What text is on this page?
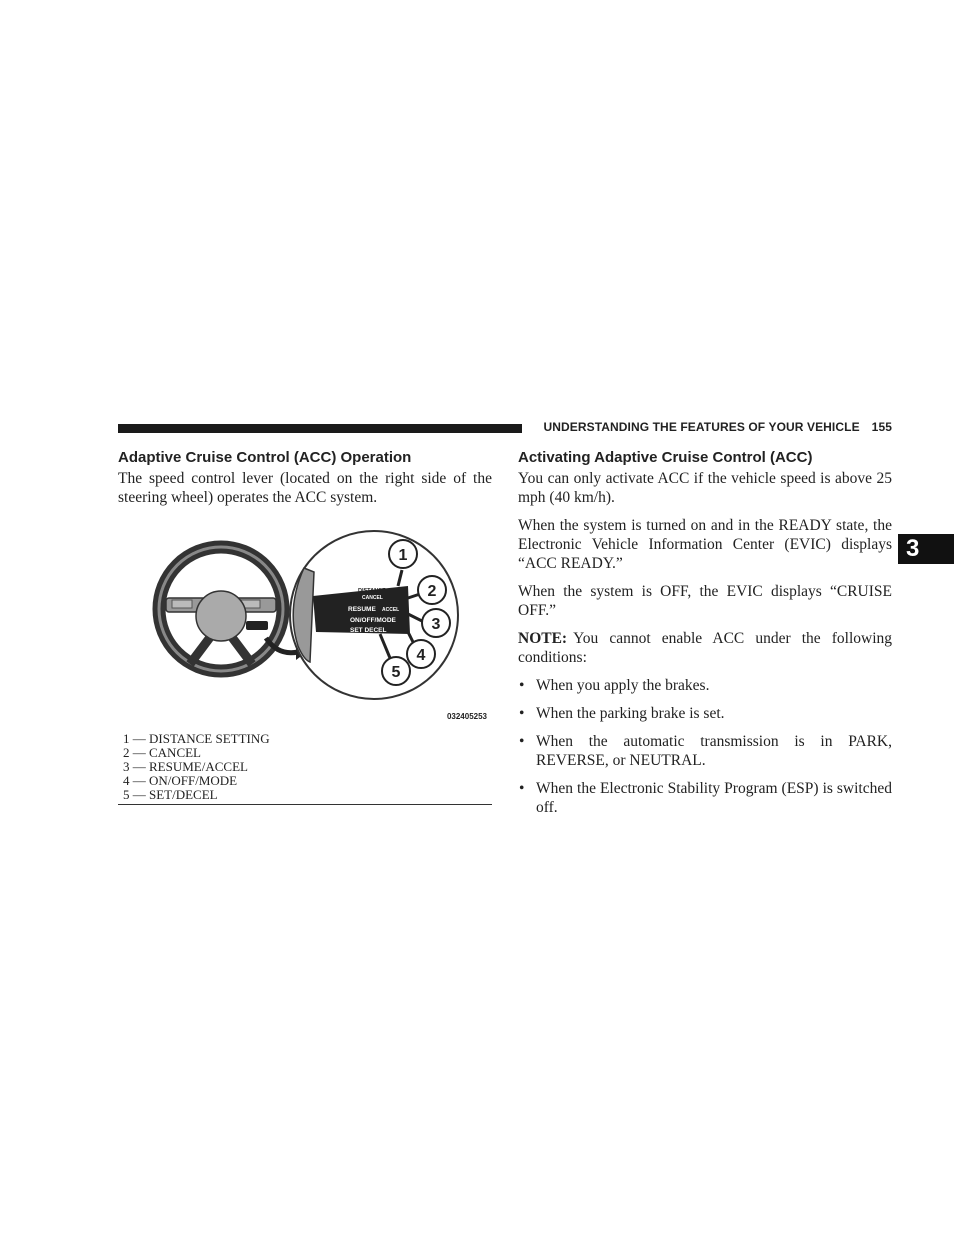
UNDERSTANDING THE FEATURES OF YOUR VEHICLE 155
3
Adaptive Cruise Control (ACC) Operation

The speed control lever (located on the right side of the steering wheel) operates the ACC system.

DISTANCE
CANCEL
RESUME ACCEL
ON/OFF/MODE
SET DECEL
1
2
3
4
5
032405253
1 — DISTANCE SETTING
2 — CANCEL
3 — RESUME/ACCEL
4 — ON/OFF/MODE
5 — SET/DECEL
Activating Adaptive Cruise Control (ACC)

You can only activate ACC if the vehicle speed is above 25 mph (40 km/h).

When the system is turned on and in the READY state, the Electronic Vehicle Information Center (EVIC) displays “ACC READY.”

When the system is OFF, the EVIC displays “CRUISE OFF.”

NOTE: You cannot enable ACC under the following conditions:

• When you apply the brakes.
• When the parking brake is set.
• When the automatic transmission is in PARK, REVERSE, or NEUTRAL.
• When the Electronic Stability Program (ESP) is switched off.
